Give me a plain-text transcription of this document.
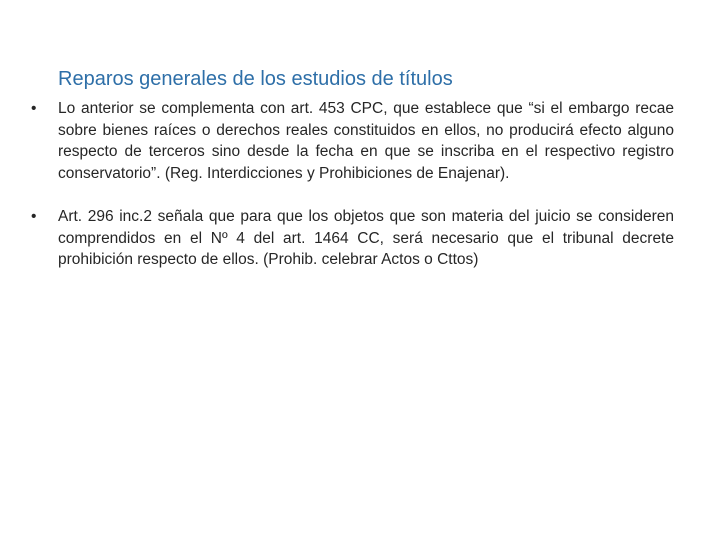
Reparos generales de los estudios de títulos
• Lo anterior se complementa con art. 453 CPC, que establece que “si el embargo recae sobre bienes raíces o derechos reales constituidos en ellos, no producirá efecto alguno respecto de terceros sino desde la fecha en que se inscriba en el respectivo registro conservatorio”. (Reg. Interdicciones y Prohibiciones de Enajenar).
• Art. 296 inc.2 señala que para que los objetos que son materia del juicio se consideren comprendidos en el Nº 4 del art. 1464 CC, será necesario que el tribunal decrete prohibición respecto de ellos. (Prohib. celebrar Actos o Cttos)
